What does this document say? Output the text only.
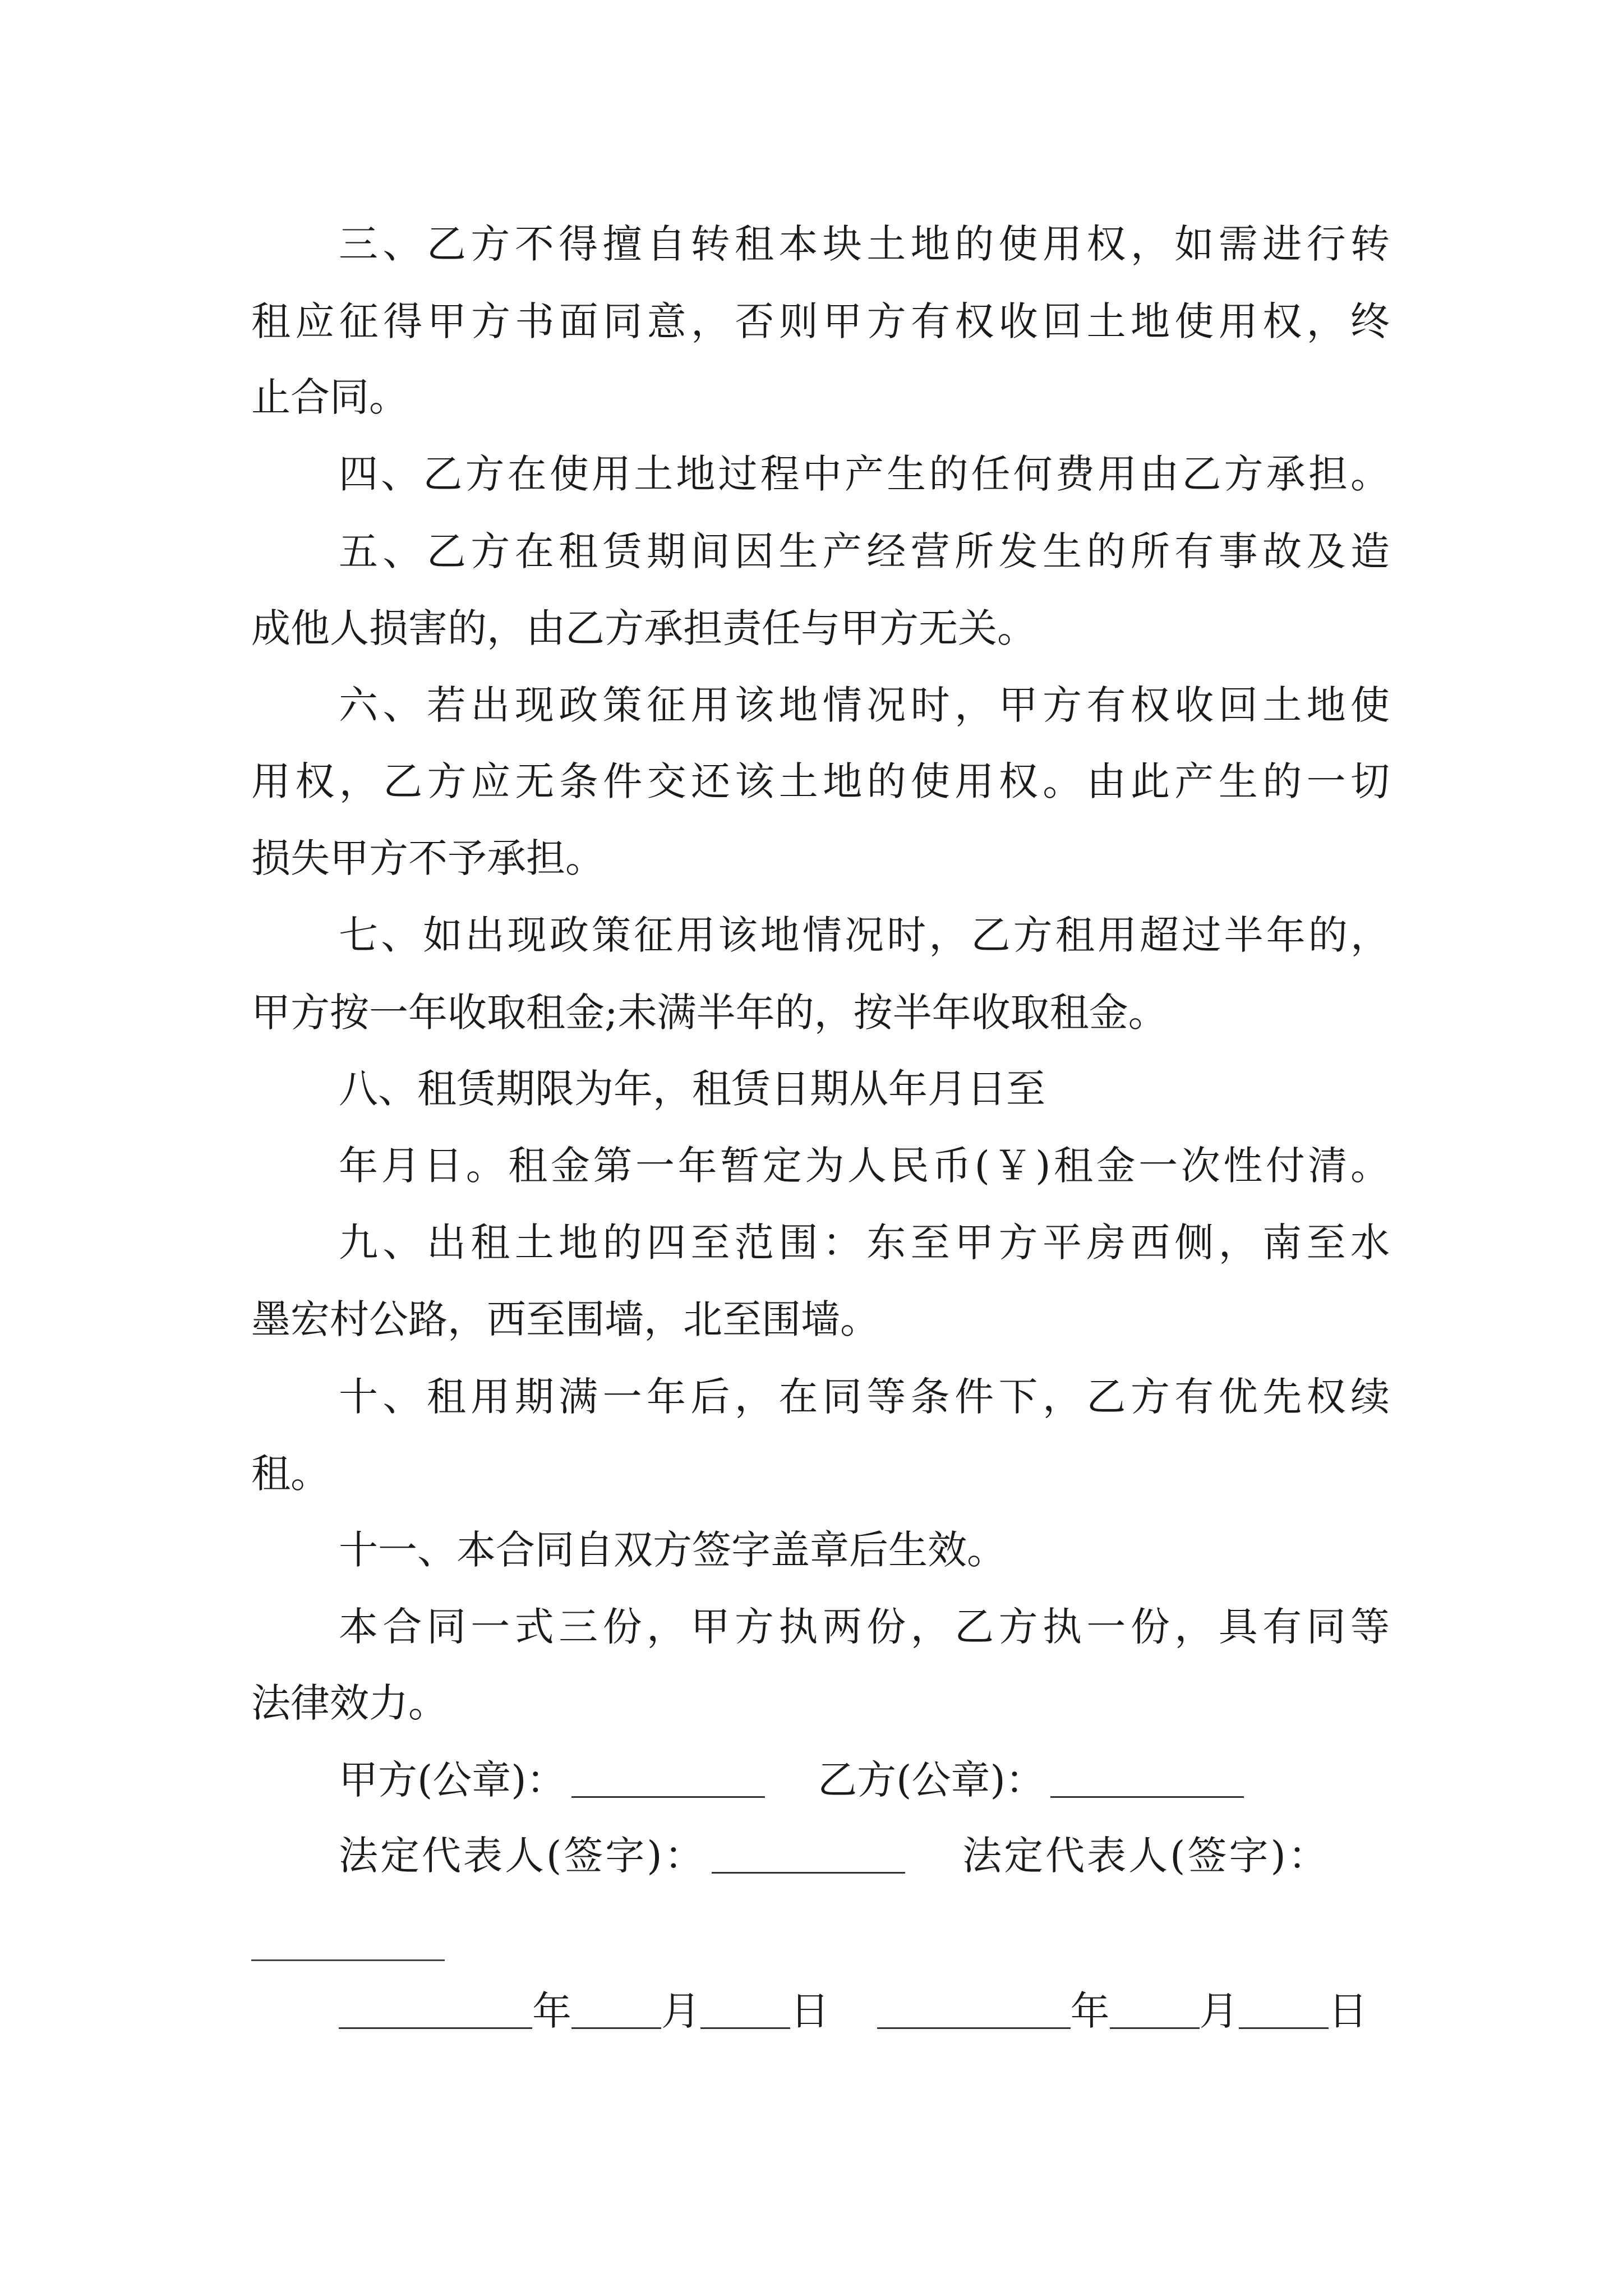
三、乙方不得擅自转租本块土地的使用权，如需进行转
租应征得甲方书面同意，否则甲方有权收回土地使用权，终
止合同。
四、乙方在使用土地过程中产生的任何费用由乙方承担。
五、乙方在租赁期间因生产经营所发生的所有事故及造
成他人损害的，由乙方承担责任与甲方无关。
六、若出现政策征用该地情况时，甲方有权收回土地使
用权，乙方应无条件交还该土地的使用权。由此产生的一切
损失甲方不予承担。
七、如出现政策征用该地情况时，乙方租用超过半年的，
甲方按一年收取租金;未满半年的，按半年收取租金。
八、租赁期限为年，租赁日期从年月日至
年月日。租金第一年暂定为人民币(￥)租金一次性付清。
九、出租土地的四至范围：东至甲方平房西侧，南至水
墨宏村公路，西至围墙，北至围墙。
十、租用期满一年后，在同等条件下，乙方有优先权续
租。
十一、本合同自双方签字盖章后生效。
本合同一式三份，甲方执两份，乙方执一份，具有同等
法律效力。
甲方(公章)：	乙方(公章)：
法定代表人(签字)：	法定代表人(签字)：
年 月 日	年 月 日
